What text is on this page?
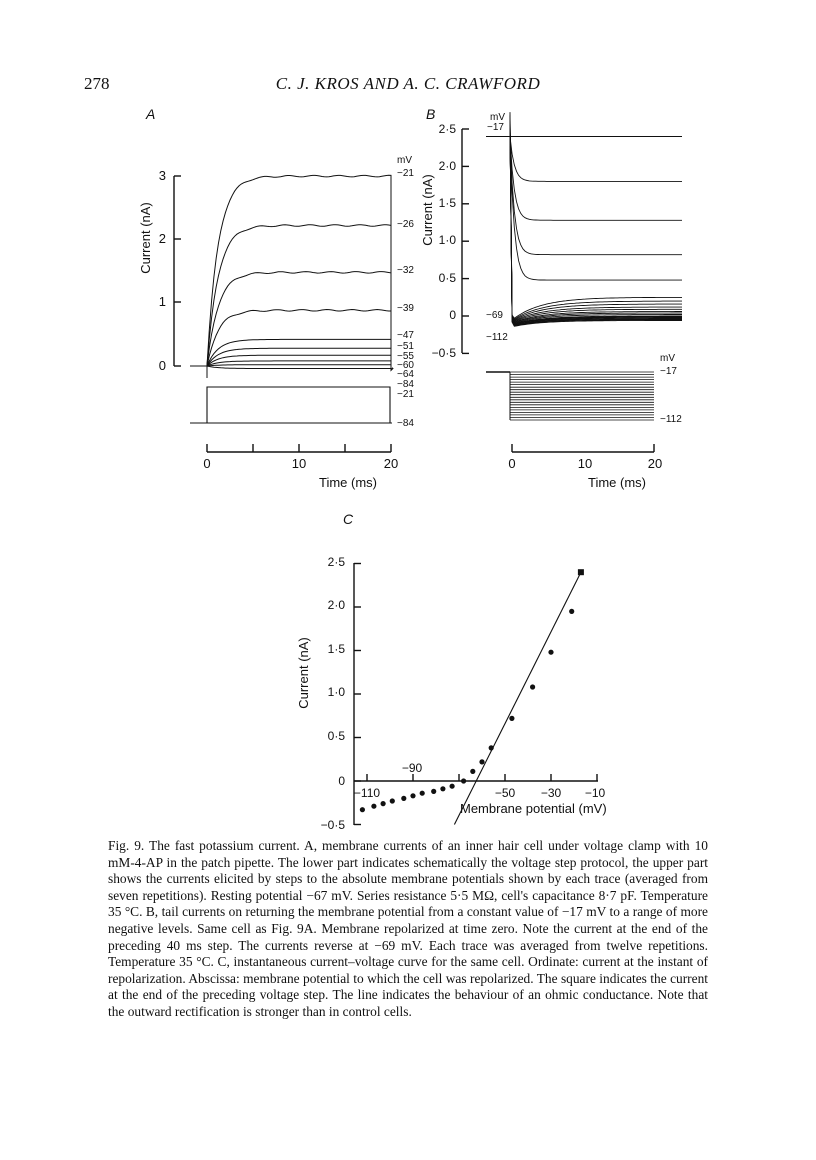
278	C. J. KROS AND A. C. CRAWFORD
A
Current (nA)
0
1
2
3
mV
−21
−26
−32
−39
−47
−51
−55
−60
−64
−84
−21
−84
0	10	20
Time (ms)
B	mV
−17
Current (nA)
2·5
2·0
1·5
1·0
0·5
0
−0·5
−69
−112
mV
−17
−112
0	10	20
Time (ms)
C
Current (nA)
2·5
2·0
1·5
1·0
0·5
0
−0·5
−110
−90
−50 −30 −10
Membrane potential (mV)
Fig. 9. The fast potassium current. A, membrane currents of an inner hair cell under voltage clamp with 10 mM-4-AP in the patch pipette. The lower part indicates schematically the voltage step protocol, the upper part shows the currents elicited by steps to the absolute membrane potentials shown by each trace (averaged from seven repetitions). Resting potential −67 mV. Series resistance 5·5 MΩ, cell's capacitance 8·7 pF. Temperature 35 °C. B, tail currents on returning the membrane potential from a constant value of −17 mV to a range of more negative levels. Same cell as Fig. 9A. Membrane repolarized at time zero. Note the current at the end of the preceding 40 ms step. The currents reverse at −69 mV. Each trace was averaged from twelve repetitions. Temperature 35 °C. C, instantaneous current–voltage curve for the same cell. Ordinate: current at the instant of repolarization. Abscissa: membrane potential to which the cell was repolarized. The square indicates the current at the end of the preceding voltage step. The line indicates the behaviour of an ohmic conductance. Note that the outward rectification is stronger than in control cells.
